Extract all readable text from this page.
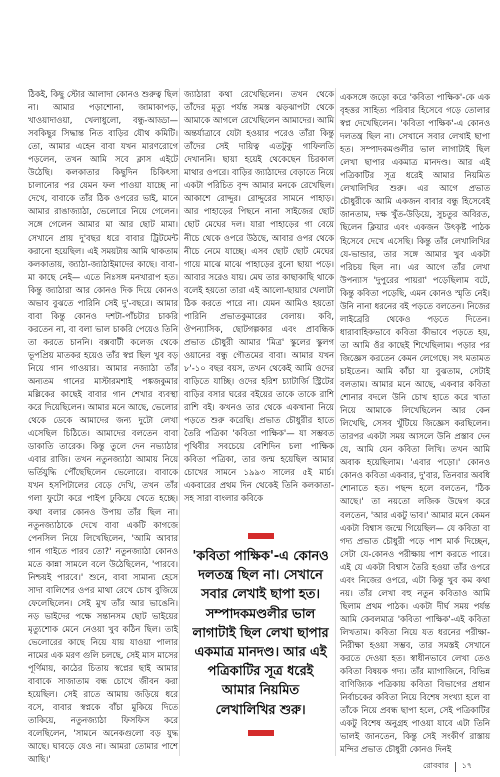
ঠিকই, কিছু স্টোর আলাদা কোনও শুরুত্ব ছিল না। আমার পড়াশোনা, জামাকাপড়, খাওয়াদাওয়া, খেলাধুলো, বন্ধু-আড্ডা— সবকিছুর সিদ্ধান্ত নিত বাড়ির যৌথ কমিটি। তো, আমার এহেন বাবা যখন মারণরোগে পড়লেন, তখন আমি সবে ক্লাস এইটে উঠেছি। কলকাতার কিছুদিন চিকিৎসা চালানোর পর যেমন ফল পাওয়া যাচ্ছে না দেখে, বাবাকে তাঁর ঠিক ওপরের ভাই, মানে আমার রাঙাজ্যাঠা, ভেলোরে নিয়ে গেলেন। সঙ্গে গেলেন আমার মা আর ছোট মামা। সেখানে প্রায় দু'বছর ধরে বাবার ট্রিটমেন্ট করানো হয়েছিল। এই সময়টায় আমি থাকতাম কলকাতায়, জ্যাঠা-জ্যাঠাইমাদের কাছে। বাবা-মা কাছে নেই— এতে নিঃসঙ্গ মনখারাপ হত। কিন্তু জ্যাঠারা আর কোনও দিক দিয়ে কোনও অভাব বুঝতে পারিনি সেই দু'-বছরে। আমার বাবা কিন্তু কোনও দশটা-পাঁচটার চাকরি করতেন না, বা বলা ভাল চাকরি পেয়েও তিনি তা করতে চাননি। বক্সবাটী কলেজ থেকে ভূপপ্রিয় মাতকর হয়েও তাঁর স্বপ্ন ছিল খুব বড় নিয়ে গান গাওয়ার। আমার নজ্যাঠা তাঁর অন্যতম গানের মাস্টারমশাই পঙ্কজকুমার মল্লিকের কাছেই বাবার গান শেখার ব্যবস্থা করে দিয়েছিলেন। আমার মনে আছে, ভেলোর থেকে ডেকে আমাদের জন্য দুটো লেখা এসেছিল চিঠিতে। আমাদের বলতেন বাবা ডাকাতি তারেক। কিন্তু তুলে দেন নভ্যাঠার এবার রাজি। তখন নতুনজ্যাঠা আমায় নিয়ে ভর্তিযুদ্ধি পৌঁছেছিলেন ভেলোরে। বাবাকে যখন হসপিটালের বেড়ে দেখি, তখন তাঁর গলা ফুটো করে পাইপ ঢুকিয়ে খেতে হচ্ছে। কথা বলার কোনও উপায় তাঁর ছিল না। নতুনজ্যাঠাকে দেখে বাবা একটি কাগজে পেনসিল নিয়ে লিখেছিলেন, 'আমি আবার গান গাইতে পারব তো?' নতুনজ্যাঠা কোনও মতে কান্না সামলে বলে উঠেছিলেন, 'পারবে। নিশ্চয়ই পারবে।' শুনে, বাবা সামান্য হেসে সাদা বালিশের ওপর মাথা রেখে চোখ বুজিয়ে ফেলেছিলেন। সেই মুখ তাঁর আর ভাঙেনি। নড় ভাইদের পক্ষে সন্তানসম ছোট ভাইয়ের মৃত্যুশোক মেনে নেওয়া খুব কঠিন ছিল। তাই ভেলোরের কাছে নিয়ে যায় যাওয়া পালার নামের এক মরণ গুলি চলছে, সেই মাস মাসের পূর্ণিমায়, কাঠের চিতায় স্বপ্নের ছাই আমার বাবাকে সাজাতাম বন্ধ চোখে জীবন করা হয়েছিল। সেই রাতে আমায় জড়িয়ে ধরে বসে, বাবার স্বপ্নকে বাঁচা মুকিয়ে দিতে তাকিয়ে, নতুনজ্যাঠা ফিসফিস করে বলেছিলেন, 'সামনে অনেকগুলো বড় যুদ্ধ আছে। ঘাবড়ে যেও না। আমরা তোমার পাশে আছি।'

জ্যাঠারা কথা রেখেছিলেন। তখন থেকে তাঁদের মৃত্যু পর্যন্ত সমস্ত ঝড়ঝাপটা থেকে আমাকে আগলে রেখেছিলেন আমাদের। আমি অন্তর্যাত্রাবে যেটা হওয়ার পরেও তাঁরা কিন্তু তাঁদের সেই দায়িত্ব এতটুকু গাফিলতি দেখাননি। ছায়া হয়েই থেকেছেন চিরকাল মাথার ওপরে। বাড়ির জ্যাঠাদের বেড়াতে নিয়ে একটা পরিচিত বৃন্দ আমার মনকে রেখেছিল। আকাশে রোদ্দুর। রোদ্দুরের সামনে পাহাড়। আর পাহাড়ের পিছনে নানা সাইজের ছোট ছোট মেঘের দল। যারা পাহাড়ের গা বেয়ে নীচে থেকে ওপরে উঠছে, আবার ওপর থেকে নীচে নেমে যাচ্ছে। এসব ছোট ছোট মেঘের গায়ে মাঝে মাঝে পাহাড়ের বুনো ছায়া পড়ে। আবার সরেও যায়। মেঘ তার কাছাকাছি থাকে বলেই হয়তো তারা এই আলো-ছায়ার খেলাটা ঠিক করতে পারে না। যেমন আমিও হয়তো পারিনি প্রভাতকুমারের বেলায়। কবি, ঔপন্যাসিক, ছোটগল্পকার এবং প্রাবন্ধিক প্রভাত চৌধুরী আমার 'মিত্র' স্কুলের স্কুলগ ওয়ানের বন্ধু গৌতমের বাবা। আমার যখন ৮'-১০ বছর বয়স, তখন থেকেই আমি ওদের বাড়িতে যাচ্ছি। ওদের হরিশ চ্যাটার্জি স্ট্রিটের বাড়ির বসার ঘরের বইয়ের তাকে তাকে রাশি রাশি বই। কখনও তার থেকে একখানা নিয়ে পড়তে শুরু করেছি। প্রভাত চৌধুরীর হাতে তৈরি পত্রিকা 'কবিতা পাক্ষিক'— যা সম্ভবত পৃথিবীর সবচেয়ে বেশিদিন চলা পাক্ষিক কবিতা পত্রিকা, তার জন্ম হয়েছিল আমার চোখের সামনে ১৯৯৩ সালের ৫ই মার্চ। একবারের প্রথম দিন থেকেই তিনি কলকাতা-সহ সারা বাংলার কবিকে

'কবিতা পাক্ষিক'-এ কোনও দলতন্ত্র ছিল না। সেখানে সবার লেখাই ছাপা হত। সম্পাদকমণ্ডলীর ভাল লাগাটাই ছিল লেখা ছাপার একমাত্র মানদণ্ড। আর এই পত্রিকাটির সূত্র ধরেই আমার নিয়মিত লেখালিখির শুরু।

একসঙ্গে জড়ো করে 'কবিতা পাক্ষিক'-কে এক বৃহত্তর সাহিত্য পরিবার হিসেবে গড়ে তোলার স্বপ্ন দেখেছিলেন। 'কবিতা পাক্ষিক'-এ কোনও দলতন্ত্র ছিল না। সেখানে সবার লেখাই ছাপা হত। সম্পাদকমণ্ডলীর ভাল লাগাটাই ছিল লেখা ছাপার একমাত্র মানদণ্ড। আর এই পত্রিকাটির সূত্র ধরেই আমার নিয়মিত লেখালিখির শুরু। এর আগে প্রভাত চৌধুরীকে আমি একজন বাবার বন্ধু হিসেবেই জানতাম, দক্ষ খুঁত-উড়িয়ে, সুচতুর অবিরত, ছিলেন ক্লিয়ার এবং একজন উৎকৃষ্ট পাঠক হিসেবে দেখে এসেছি। কিন্তু তাঁর লেখালিখির যে-ভান্ডার, তার সঙ্গে আমার খুব একটা পরিচয় ছিল না। এর আগে তাঁর লেখা উপন্যাস 'দুপুরের পায়রা' পড়েছিলাম বটে, কিন্তু কবিতা পড়েছি, এমন কোনও স্মৃতি নেই। উনি নানা ধরনের বই পড়তে বলতেন। নিজের লাইব্রেরি থেকেও পড়তে দিতেন। ধারাবাহিকভাবে কবিতা কীভাবে পড়তে হয়, তা আমি ওঁর কাছেই শিখেছিলাম। পড়ার পর জিজ্ঞেস করতেন কেমন লেগেছে। সৎ মতামত চাইতেন। আমি কাঁচা যা বুঝতাম, সেটাই বলতাম। আমার মনে আছে, একবার কবিতা শোনার বদলে উনি চোখ হাতে করে খাতা নিয়ে আমাকে লিখেছিলেন আর কেন লিখেছি, সেসব খুঁটিয়ে জিজ্ঞেস করছিলেন। তারপর একটা সময় আসলে উনি প্রস্তাব দেন যে, আমি যেন কবিতা লিখি। তখন আমি অবাক হয়েছিলাম। 'এবার পড়ো।' কোনও কোনও কবিতা একবার, দু'বার, তিনবার অবধি শোনাতে হত। পছন্দ হলে বলতেন, 'ঠিক আছে।' তা নয়তো লজিক উদ্বেগ করে বলতেন, 'আর একটু ভাব।' আমার মনে কেমন একটা বিশ্বাস জন্মে গিয়েছিল— যে কবিতা বা গদ্য প্রভাত চৌধুরী পড়ে পাশ মার্ক দিচ্ছেন, সেটা যে-কোনও পরীক্ষায় পাশ করতে পারে। এই যে একটা বিশ্বাস তৈরি হওয়া তাঁর ওপরে এবং নিজের ওপরে, এটা কিন্তু খুব কম কথা নয়। তাঁর লেখা বহু নতুন কবিতাও আমি ছিলাম প্রথম পাঠক। একটা দীর্ঘ সময় পর্যন্ত আমি কেবলমাত্র 'কবিতা পাক্ষিক'-এই কবিতা লিখতাম। কবিতা নিয়ে যত ধরনের পরীক্ষা-নিরীক্ষা হওয়া সম্ভব, তার সমস্তই সেখানে করতে দেওয়া হত। স্বাধীনভাবে লেখা তেও কবিতা বিষয়ক গদ্য। তাঁর ম্যাগাজিনে, বিভিন্ন বাণিজ্যিক পত্রিকায় কবিতা বিভাগের প্রধান নির্বাচকের কবিতা নিয়ে বিশেষ সংখ্যা হলে বা তাঁকে নিয়ে প্রবন্ধ ছাপা হলে, সেই পত্রিকাটির একটু বিশেষ অনুগ্রহ পাওয়া যাবে এটা তিনি ভালই জানতেন, কিন্তু সেই সংকীর্ণ রাস্তায় মন্দির প্রভাত চৌধুরী কোনও দিনই

রোববার ১৭
